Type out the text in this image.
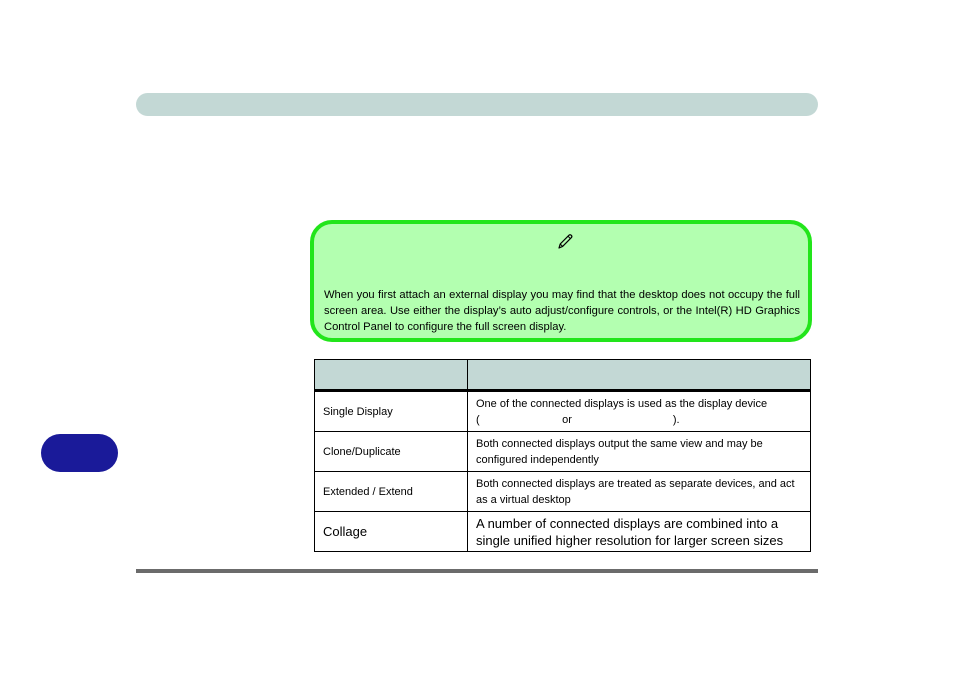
When you first attach an external display you may find that the desktop does not occupy the full screen area. Use either the display’s auto adjust/configure controls, or the Intel(R) HD Graphics Control Panel to configure the full screen display.

Single Display	One of the connected displays is used as the display device
(                           or                                 ).

Clone/Duplicate	Both connected displays output the same view and may be configured independently
Extended / Extend	Both connected displays are treated as separate devices, and act as a virtual desktop
Collage	A number of connected displays are combined into a single unified higher resolution for larger screen sizes
